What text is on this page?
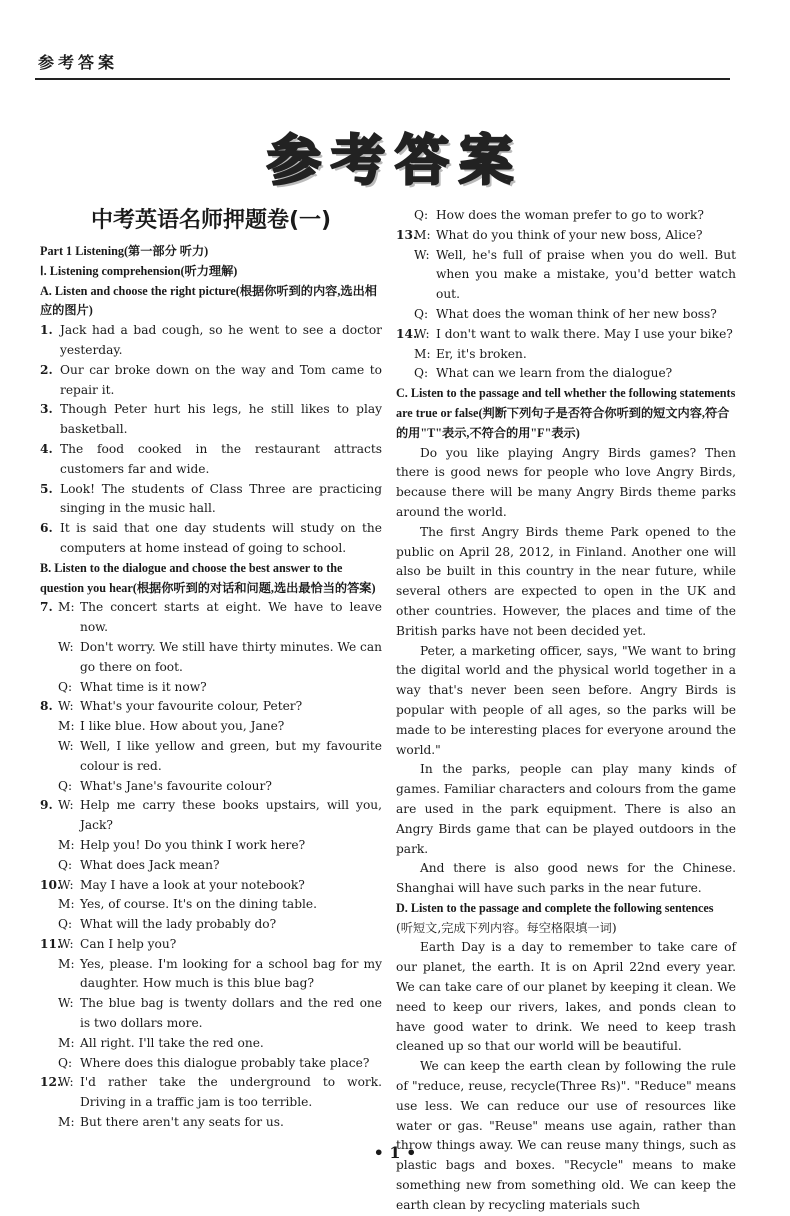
参考答案
参考答案
中考英语名师押题卷(一)
Part 1 Listening(第一部分 听力)
Ⅰ. Listening comprehension(听力理解)
A. Listen and choose the right picture(根据你听到的内容,选出相应的图片)
1. Jack had a bad cough, so he went to see a doctor yesterday.
2. Our car broke down on the way and Tom came to repair it.
3. Though Peter hurt his legs, he still likes to play basketball.
4. The food cooked in the restaurant attracts customers far and wide.
5. Look! The students of Class Three are practicing singing in the music hall.
6. It is said that one day students will study on the computers at home instead of going to school.
B. Listen to the dialogue and choose the best answer to the question you hear(根据你听到的对话和问题,选出最恰当的答案)
7. M: The concert starts at eight. We have to leave now.
W: Don't worry. We still have thirty minutes. We can go there on foot.
Q: What time is it now?
8. W: What's your favourite colour, Peter?
M: I like blue. How about you, Jane?
W: Well, I like yellow and green, but my favourite colour is red.
Q: What's Jane's favourite colour?
9. W: Help me carry these books upstairs, will you, Jack?
M: Help you! Do you think I work here?
Q: What does Jack mean?
10.
W: May I have a look at your notebook?
M: Yes, of course. It's on the dining table.
Q: What will the lady probably do?
11.
W: Can I help you?
M: Yes, please. I'm looking for a school bag for my daughter. How much is this blue bag?
W: The blue bag is twenty dollars and the red one is two dollars more.
M: All right. I'll take the red one.
Q: Where does this dialogue probably take place?
12.
W: I'd rather take the underground to work. Driving in a traffic jam is too terrible.
M: But there aren't any seats for us.
Q: How does the woman prefer to go to work?
13.
M: What do you think of your new boss, Alice?
W: Well, he's full of praise when you do well. But when you make a mistake, you'd better watch out.
Q: What does the woman think of her new boss?
14.
W: I don't want to walk there. May I use your bike?
M: Er, it's broken.
Q: What can we learn from the dialogue?
C. Listen to the passage and tell whether the following statements are true or false(判断下列句子是否符合你听到的短文内容,符合的用"T"表示,不符合的用"F"表示)
Do you like playing Angry Birds games? Then there is good news for people who love Angry Birds, because there will be many Angry Birds theme parks around the world.
The first Angry Birds theme Park opened to the public on April 28, 2012, in Finland. Another one will also be built in this country in the near future, while several others are expected to open in the UK and other countries. However, the places and time of the British parks have not been decided yet.
Peter, a marketing officer, says, "We want to bring the digital world and the physical world together in a way that's never been seen before. Angry Birds is popular with people of all ages, so the parks will be made to be interesting places for everyone around the world."
In the parks, people can play many kinds of games. Familiar characters and colours from the game are used in the park equipment. There is also an Angry Birds game that can be played outdoors in the park.
And there is also good news for the Chinese. Shanghai will have such parks in the near future.
D. Listen to the passage and complete the following sentences
(听短文,完成下列内容。每空格限填一词)
Earth Day is a day to remember to take care of our planet, the earth. It is on April 22nd every year. We can take care of our planet by keeping it clean. We need to keep our rivers, lakes, and ponds clean to have good water to drink. We need to keep trash cleaned up so that our world will be beautiful.
We can keep the earth clean by following the rule of "reduce, reuse, recycle(Three Rs)". "Reduce" means use less. We can reduce our use of resources like water or gas. "Reuse" means use again, rather than throw things away. We can reuse many things, such as plastic bags and boxes. "Recycle" means to make something new from something old. We can keep the earth clean by recycling materials such
• 1 •
